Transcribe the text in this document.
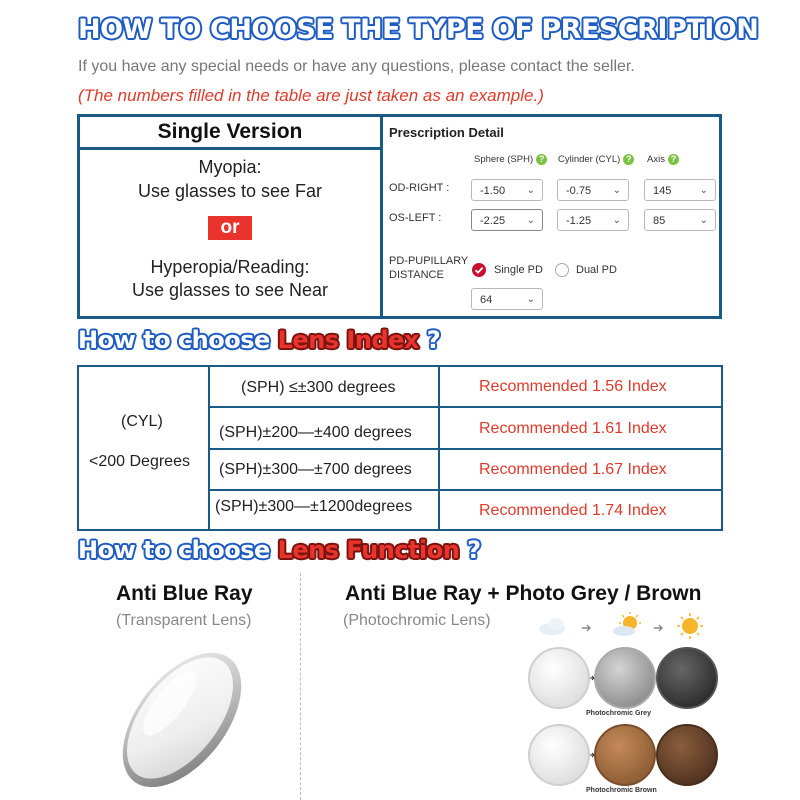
HOW TO CHOOSE THE TYPE OF PRESCRIPTION
If you have any special needs or have any questions, please contact the seller.
(The numbers filled in the table are just taken as an example.)
Single Version
Myopia:
Use glasses to see Far
or
Hyperopia/Reading:
Use glasses to see Near
Prescription Detail
Sphere (SPH) ? Cylinder (CYL) ? Axis ?
OD-RIGHT :	-1.50 ⌄	-0.75 ⌄	145	⌄
OS-LEFT :	-2.25 ⌄	-1.25 ⌄	85	⌄
PD-PUPILLARY
DISTANCE	Single PD	Dual PD
64	⌄
How to choose Lens Index ?
(CYL)
<200 Degrees
(SPH) ≤±300 degrees	Recommended 1.56 Index
(SPH)±200—±400 degrees	Recommended 1.61 Index
(SPH)±300—±700 degrees	Recommended 1.67 Index
(SPH)±300—±1200degrees	Recommended 1.74 Index
How to choose Lens Function ?
Anti Blue Ray
(Transparent Lens)
Anti Blue Ray + Photo Grey / Brown
(Photochromic Lens)
Photochromic Grey
Photochromic Brown
